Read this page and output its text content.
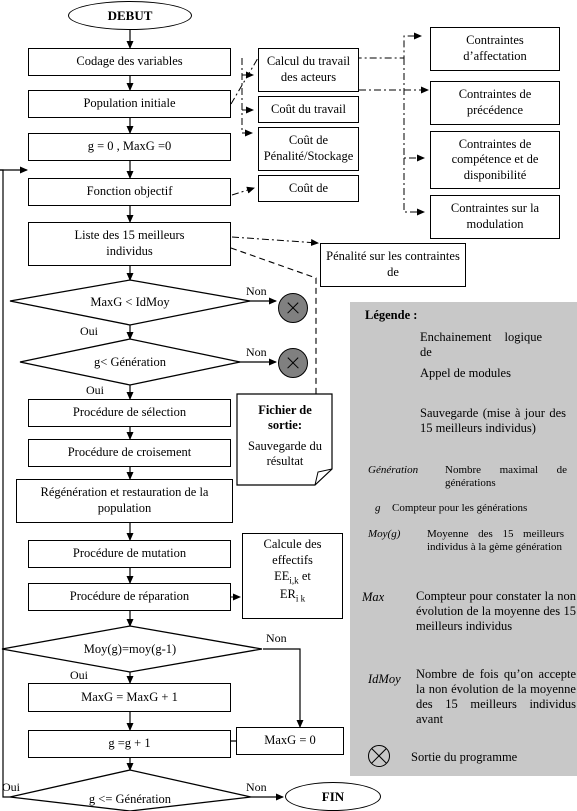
DEBUT
FIN
Codage des variables
Population initiale
g = 0 , MaxG =0
Fonction objectif
Liste des 15 meilleurs individus
Procédure de sélection
Procédure de croisement
Régénération et restauration de la population
Procédure de mutation
Procédure de réparation
MaxG = MaxG + 1
MaxG = 0
g =g + 1
MaxG < IdMoy
g< Génération
Moy(g)=moy(g-1)
g <= Génération
Non
Oui
Non
Oui
Non
Oui
Oui	Non
Calcul du travail des acteurs
Coût du travail
Coût de Pénalité/Stockage
Coût de
Pénalité sur les contraintes de
Contraintes d’affectation
Contraintes de précédence
Contraintes de compétence et de disponibilité
Contraintes sur la modulation
Fichier de sortie:
Sauvegarde du résultat
Calcule des effectifs
$EE_{i,k}$ et
$ER_{i k}$
Légende :
Enchainement logique de
Appel de modules
Sauvegarde (mise à jour des 15 meilleurs individus)
Génération Nombre maximal de générations
g Compteur pour les générations
Moy(g) Moyenne des 15 meilleurs individus à la gème génération
Max	Compteur pour constater la non évolution de la moyenne des 15 meilleurs individus
IdMoy Nombre de fois qu’on accepte la non évolution de la moyenne des 15 meilleurs individus avant
Sortie du programme
